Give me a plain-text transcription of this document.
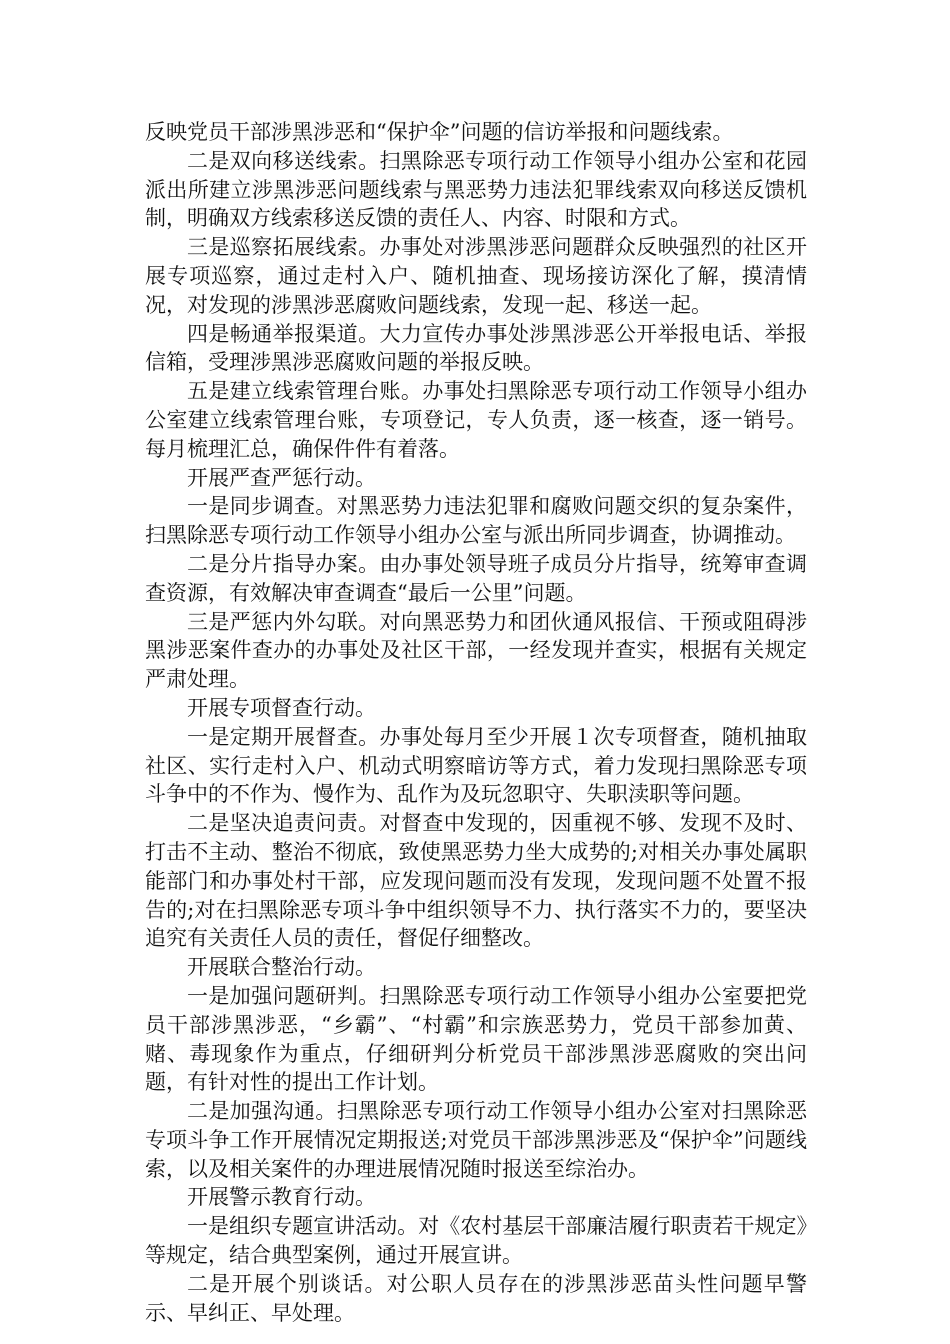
反映党员干部涉黑涉恶和“保护伞”问题的信访举报和问题线索。

二是双向移送线索。扫黑除恶专项行动工作领导小组办公室和花园派出所建立涉黑涉恶问题线索与黑恶势力违法犯罪线索双向移送反馈机制，明确双方线索移送反馈的责任人、内容、时限和方式。

三是巡察拓展线索。办事处对涉黑涉恶问题群众反映强烈的社区开展专项巡察，通过走村入户、随机抽查、现场接访深化了解，摸清情况，对发现的涉黑涉恶腐败问题线索，发现一起、移送一起。

四是畅通举报渠道。大力宣传办事处涉黑涉恶公开举报电话、举报信箱，受理涉黑涉恶腐败问题的举报反映。

五是建立线索管理台账。办事处扫黑除恶专项行动工作领导小组办公室建立线索管理台账，专项登记，专人负责，逐一核查，逐一销号。每月梳理汇总，确保件件有着落。

开展严查严惩行动。

一是同步调查。对黑恶势力违法犯罪和腐败问题交织的复杂案件，扫黑除恶专项行动工作领导小组办公室与派出所同步调查，协调推动。

二是分片指导办案。由办事处领导班子成员分片指导，统筹审查调查资源，有效解决审查调查“最后一公里”问题。

三是严惩内外勾联。对向黑恶势力和团伙通风报信、干预或阻碍涉黑涉恶案件查办的办事处及社区干部，一经发现并查实，根据有关规定严肃处理。

开展专项督查行动。

一是定期开展督查。办事处每月至少开展１次专项督查，随机抽取社区、实行走村入户、机动式明察暗访等方式，着力发现扫黑除恶专项斗争中的不作为、慢作为、乱作为及玩忽职守、失职渎职等问题。

二是坚决追责问责。对督查中发现的，因重视不够、发现不及时、打击不主动、整治不彻底，致使黑恶势力坐大成势的;对相关办事处属职能部门和办事处村干部，应发现问题而没有发现，发现问题不处置不报告的;对在扫黑除恶专项斗争中组织领导不力、执行落实不力的，要坚决追究有关责任人员的责任，督促仔细整改。

开展联合整治行动。

一是加强问题研判。扫黑除恶专项行动工作领导小组办公室要把党员干部涉黑涉恶，“乡霸”、“村霸”和宗族恶势力，党员干部参加黄、赌、毒现象作为重点，仔细研判分析党员干部涉黑涉恶腐败的突出问题，有针对性的提出工作计划。

二是加强沟通。扫黑除恶专项行动工作领导小组办公室对扫黑除恶专项斗争工作开展情况定期报送;对党员干部涉黑涉恶及“保护伞”问题线索，以及相关案件的办理进展情况随时报送至综治办。

开展警示教育行动。

一是组织专题宣讲活动。对《农村基层干部廉洁履行职责若干规定》等规定，结合典型案例，通过开展宣讲。

二是开展个别谈话。对公职人员存在的涉黑涉恶苗头性问题早警示、早纠正、早处理。
